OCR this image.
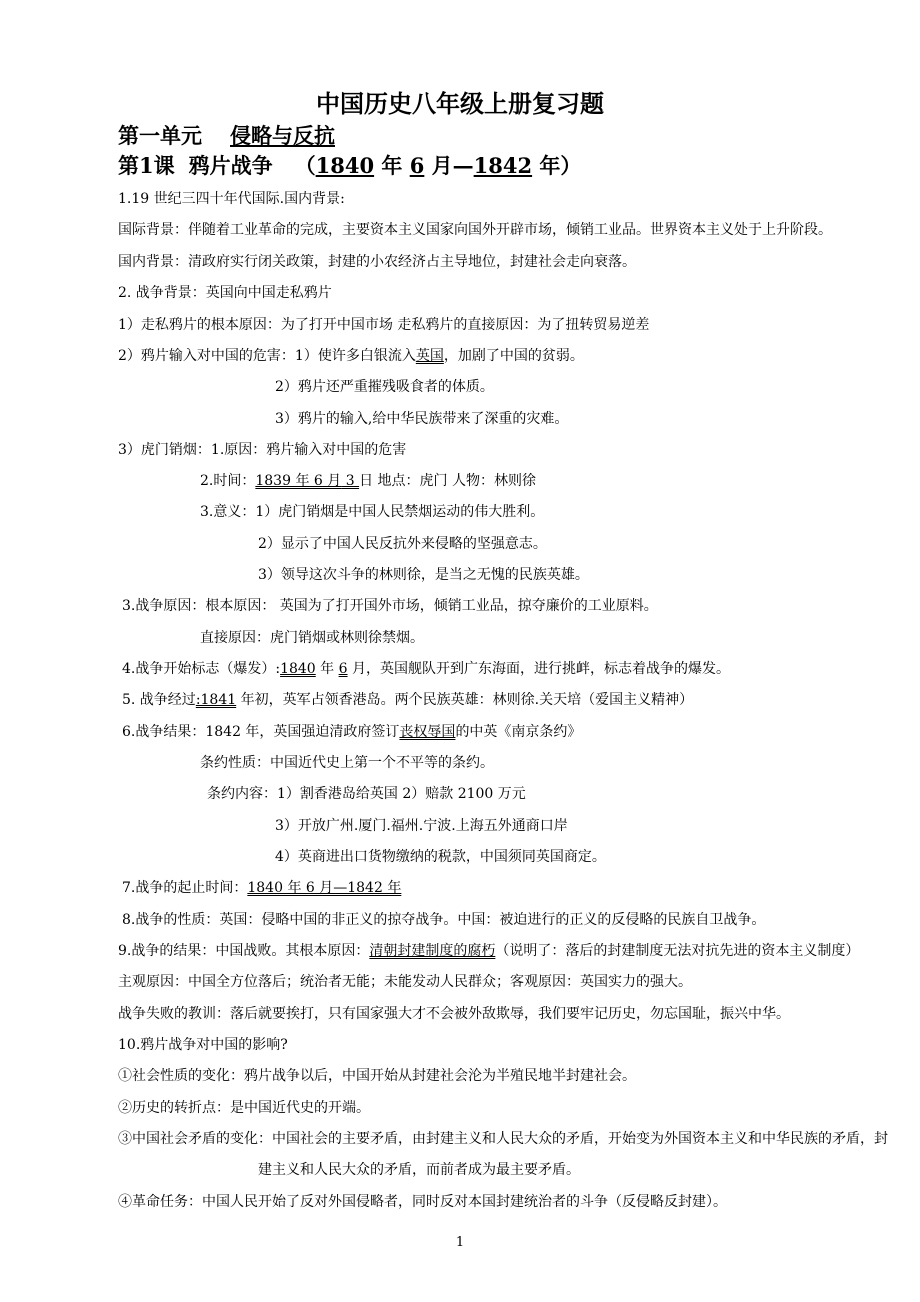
中国历史八年级上册复习题
第一单元 侵略与反抗
第1课 鸦片战争 （1840 年 6 月—1842 年）
1.19 世纪三四十年代国际.国内背景:
国际背景：伴随着工业革命的完成，主要资本主义国家向国外开辟市场，倾销工业品。世界资本主义处于上升阶段。
国内背景：清政府实行闭关政策，封建的小农经济占主导地位，封建社会走向衰落。
2. 战争背景：英国向中国走私鸦片
1）走私鸦片的根本原因：为了打开中国市场 走私鸦片的直接原因：为了扭转贸易逆差
2）鸦片输入对中国的危害：1）使许多白银流入英国，加剧了中国的贫弱。
2）鸦片还严重摧残吸食者的体质。
3）鸦片的输入,给中华民族带来了深重的灾难。
3）虎门销烟：1.原因：鸦片输入对中国的危害
2.时间：1839 年 6 月 3 日 地点：虎门 人物：林则徐
3.意义：1）虎门销烟是中国人民禁烟运动的伟大胜利。
2）显示了中国人民反抗外来侵略的坚强意志。
3）领导这次斗争的林则徐，是当之无愧的民族英雄。
3.战争原因：根本原因： 英国为了打开国外市场，倾销工业品，掠夺廉价的工业原料。
直接原因：虎门销烟或林则徐禁烟。
4.战争开始标志（爆发）:1840 年 6 月，英国舰队开到广东海面，进行挑衅，标志着战争的爆发。
5. 战争经过:1841 年初，英军占领香港岛。两个民族英雄：林则徐.关天培（爱国主义精神）
6.战争结果：1842 年，英国强迫清政府签订丧权辱国的中英《南京条约》
条约性质：中国近代史上第一个不平等的条约。
条约内容：1）割香港岛给英国 2）赔款 2100 万元
3）开放广州.厦门.福州.宁波.上海五外通商口岸
4）英商进出口货物缴纳的税款，中国须同英国商定。
7.战争的起止时间：1840 年 6 月—1842 年
8.战争的性质：英国：侵略中国的非正义的掠夺战争。中国：被迫进行的正义的反侵略的民族自卫战争。
9.战争的结果：中国战败。其根本原因：清朝封建制度的腐朽（说明了：落后的封建制度无法对抗先进的资本主义制度）
主观原因：中国全方位落后；统治者无能；未能发动人民群众；客观原因：英国实力的强大。
战争失败的教训：落后就要挨打，只有国家强大才不会被外敌欺辱，我们要牢记历史，勿忘国耻，振兴中华。
10.鸦片战争对中国的影响?
①社会性质的变化：鸦片战争以后，中国开始从封建社会沦为半殖民地半封建社会。
②历史的转折点：是中国近代史的开端。
③中国社会矛盾的变化：中国社会的主要矛盾，由封建主义和人民大众的矛盾，开始变为外国资本主义和中华民族的矛盾，封
建主义和人民大众的矛盾，而前者成为最主要矛盾。
④革命任务：中国人民开始了反对外国侵略者，同时反对本国封建统治者的斗争（反侵略反封建）。
1
